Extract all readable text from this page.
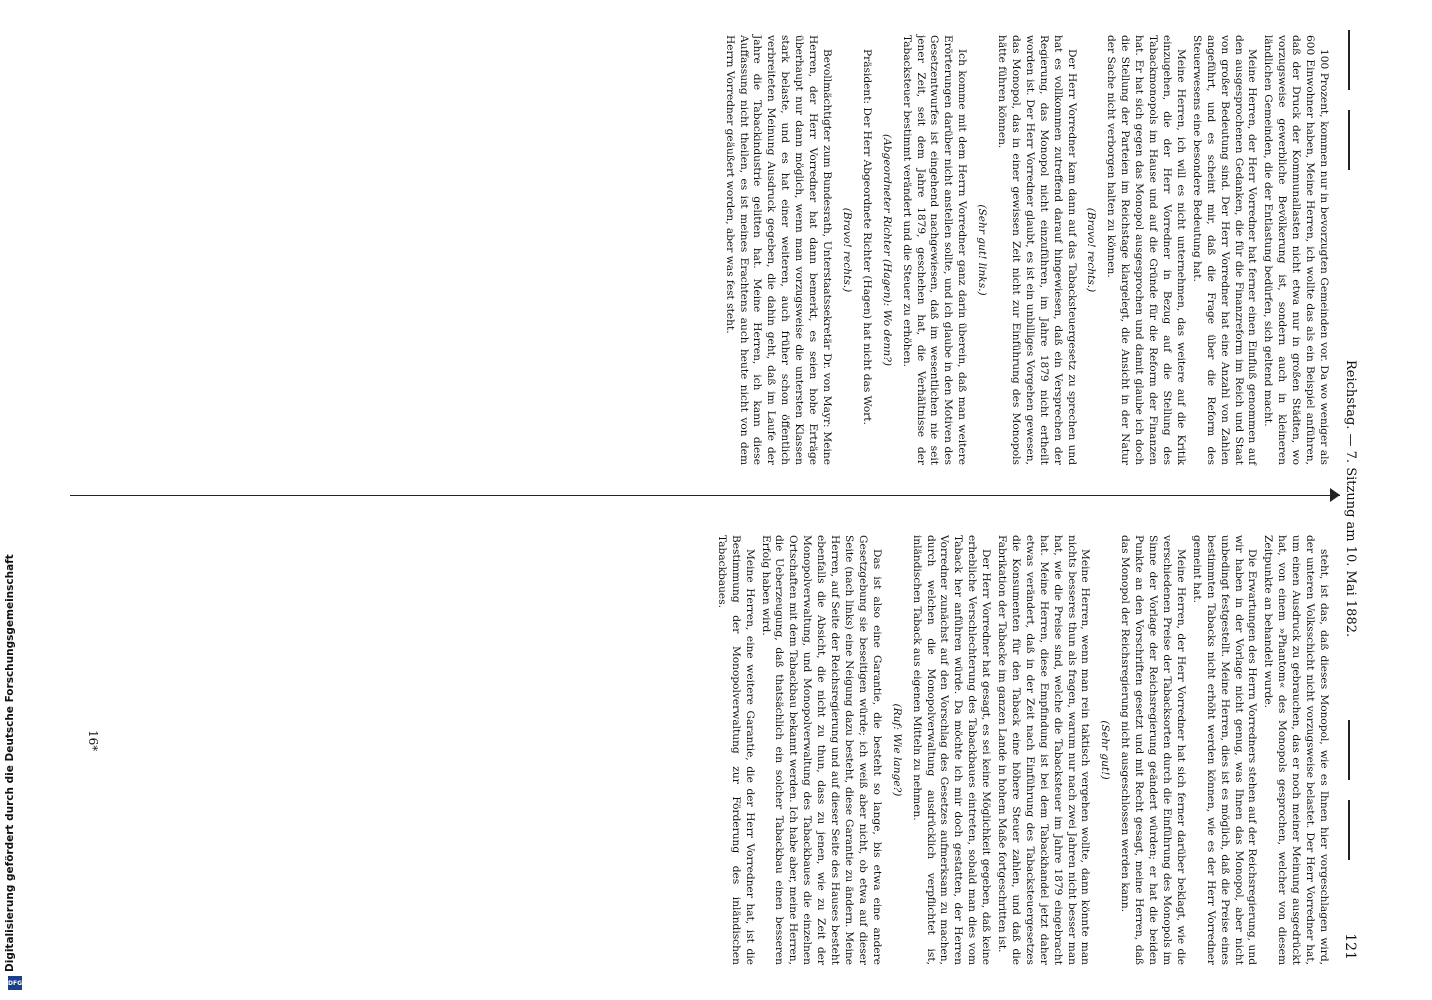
Reichstag. — 7. Sitzung am 10. Mai 1882.
121

100 Prozent, kommen nur in bevorzugten Gemeinden vor. Da wo weniger als 600 Einwohner haben, Meine Herren, ich wollte das als ein Beispiel anführen, daß der Druck der Kommunallasten nicht etwa nur in großen Städten, wo vorzugsweise gewerbliche Bevölkerung ist, sondern auch in kleineren ländlichen Gemeinden, die der Entlastung bedürfen, sich geltend macht.

Meine Herren, der Herr Vorredner hat ferner einen Einfluß genommen auf den ausgesprochenen Gedanken, die für die Finanzreform im Reich und Staat von großer Bedeutung sind. Der Herr Vorredner hat eine Anzahl von Zahlen angeführt, und es scheint mir, daß die Frage über die Reform des Steuerwesens eine besondere Bedeutung hat.

Meine Herren, ich will es nicht unternehmen, das weitere auf die Kritik einzugehen, die der Herr Vorredner in Bezug auf die Stellung des Tabackmonopols im Hause und auf die Gründe für die Reform der Finanzen hat. Er hat sich gegen das Monopol ausgesprochen und damit glaube ich doch die Stellung der Parteien im Reichstage klargelegt, die Ansicht in der Natur der Sache nicht verborgen halten zu können.

(Bravo! rechts.)

Der Herr Vorredner kam dann auf das Tabacksteuergesetz zu sprechen und hat es vollkommen zutreffend darauf hingewiesen, daß ein Versprechen der Regierung, das Monopol nicht einzuführen, im Jahre 1879 nicht ertheilt worden ist. Der Herr Vorredner glaubt, es ist ein unbilliges Vorgehen gewesen, das Monopol, das in einer gewissen Zeit nicht zur Einführung des Monopols hätte führen können.

(Sehr gut! links.)

Ich komme mit dem Herrn Vorredner ganz darin überein, daß man weitere Erörterungen darüber nicht anstellen sollte, und ich glaube in den Motiven des Gesetzentwurfes ist eingehend nachgewiesen, daß im wesentlichen nie seit jener Zeit, seit dem Jahre 1879, geschehen hat, die Verhältnisse der Tabacksteuer bestimmt verändert und die Steuer zu erhöhen.

(Abgeordneter Richter (Hagen): Wo denn?)

Präsident: Der Herr Abgeordnete Richter (Hagen) hat nicht das Wort.

(Bravo! rechts.)

Bevollmächtigter zum Bundesrath, Unterstaatssekretär Dr. von Mayr: Meine Herren, der Herr Vorredner hat dann bemerkt, es seien hohe Erträge überhaupt nur dann möglich, wenn man vorzugsweise die untersten Klassen stark belaste, und es hat einer weiteren, auch früher schon öffentlich verbreiteten Meinung Ausdruck gegeben, die dahin geht, daß im Laufe der Jahre die Tabackindustrie gelitten hat. Meine Herren, ich kann diese Auffassung nicht theilen, es ist meines Erachtens auch heute nicht von dem Herrn Vorredner geäußert worden, aber was fest steht.

steht, ist das, daß dieses Monopol, wie es Ihnen hier vorgeschlagen wird, der unteren Volksschicht nicht vorzugsweise belastet. Der Herr Vorredner hat, um einen Ausdruck zu gebrauchen, das er noch meiner Meinung ausgedrückt hat, von einem »Phantom« des Monopols gesprochen, welcher von diesem Zeitpunkte an behandelt wurde.

Die Erwartungen des Herrn Vorredners stehen auf der Reichsregierung, und wir haben in der Vorlage nicht genug, was Ihnen das Monopol, aber nicht unbedingt festgestellt. Meine Herren, dies ist es möglich, daß die Preise eines bestimmten Tabacks nicht erhöht werden können, wie es der Herr Vorredner gemeint hat.

Meine Herren, der Herr Vorredner hat sich ferner darüber beklagt, wie die verschiedenen Preise der Tabacksorten durch die Einführung des Monopols im Sinne der Vorlage der Reichsregierung geändert würden; er hat die beiden Punkte an den Vorschriften gesetzt und mit Recht gesagt, meine Herren, daß das Monopol der Reichsregierung nicht ausgeschlossen werden kann.

(Sehr gut!)

Meine Herren, wenn man rein taktisch vergehen wollte, dann könnte man nichts besseres thun als fragen, warum nur nach zwei Jahren nicht besser man hat, wie die Preise sind, welche die Tabacksteuer im Jahre 1879 eingebracht hat. Meine Herren, diese Empfindung ist bei dem Tabackhandel jetzt daher etwas verändert, daß in der Zeit nach Einführung des Tabacksteuergesetzes die Konsumenten für den Taback eine höhere Steuer zahlen, und daß die Fabrikation der Tabacke im ganzen Lande in hohem Maße fortgeschritten ist.

Der Herr Vorredner hat gesagt, es sei keine Möglichkeit gegeben, daß keine erhebliche Verschlechterung des Tabackbaues eintreten, sobald man dies vom Taback her anführen würde. Da möchte ich mir doch gestatten, der Herren Vorredner zunächst auf den Vorschlag des Gesetzes aufmerksam zu machen, durch welchen die Monopolverwaltung ausdrücklich verpflichtet ist, inländischen Taback aus eigenen Mitteln zu nehmen.

(Ruf: Wie lange?)

Das ist also eine Garantie, die besteht so lange, bis etwa eine andere Gesetzgebung sie beseitigen würde; ich weiß aber nicht, ob etwa auf dieser Seite (nach links) eine Neigung dazu besteht, diese Garantie zu ändern. Meine Herren, auf Seite der Reichsregierung und auf dieser Seite des Hauses besteht ebenfalls die Absicht, die nicht zu thun, dass zu jenen, wie zu Zeit der Monopolverwaltung, und Monopolverwaltung des Tabackbaues die einzelnen Ortschaften mit dem Tabackbau bekannt werden. Ich habe aber, meine Herren, die Ueberzeugung, daß thatsächlich ein solcher Tabackbau einen besseren Erfolg haben wird.

Meine Herren, eine weitere Garantie, die der Herr Vorredner hat, ist die Bestimmung der Monopolverwaltung zur Förderung des inländischen Tabackbaues.

16*
Digitalisierung gefördert durch die Deutsche Forschungsgemeinschaft
DFG
